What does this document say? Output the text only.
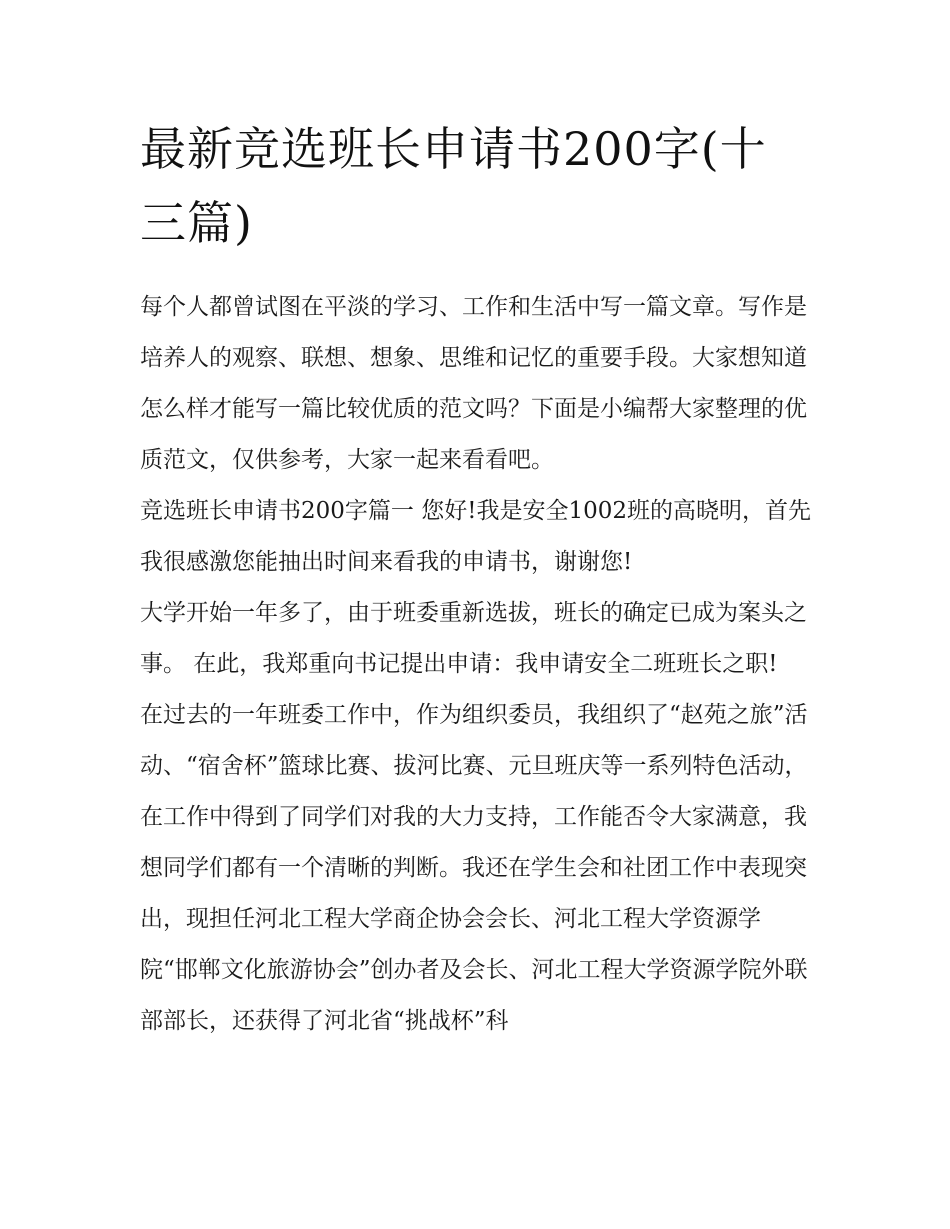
最新竞选班长申请书200字(十三篇)

每个人都曾试图在平淡的学习、工作和生活中写一篇文章。写作是培养人的观察、联想、想象、思维和记忆的重要手段。大家想知道怎么样才能写一篇比较优质的范文吗？下面是小编帮大家整理的优质范文，仅供参考，大家一起来看看吧。

竞选班长申请书200字篇一 您好!我是安全1002班的高晓明，首先我很感激您能抽出时间来看我的申请书，谢谢您!

大学开始一年多了，由于班委重新选拔，班长的确定已成为案头之事。 在此，我郑重向书记提出申请：我申请安全二班班长之职!

在过去的一年班委工作中，作为组织委员，我组织了“赵苑之旅”活动、“宿舍杯”篮球比赛、拔河比赛、元旦班庆等一系列特色活动，在工作中得到了同学们对我的大力支持，工作能否令大家满意，我想同学们都有一个清晰的判断。我还在学生会和社团工作中表现突出，现担任河北工程大学商企协会会长、河北工程大学资源学院“邯郸文化旅游协会”创办者及会长、河北工程大学资源学院外联部部长，还获得了河北省“挑战杯”科
